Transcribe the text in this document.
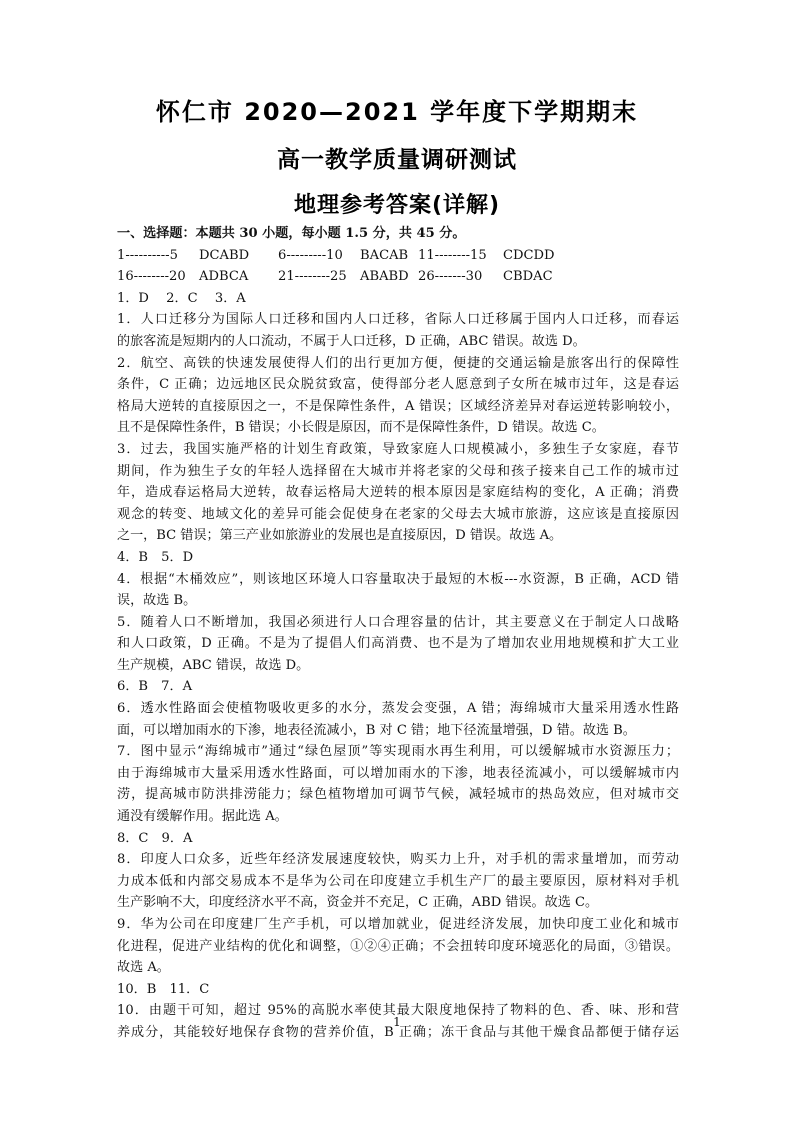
怀仁市 2020—2021 学年度下学期期末
高一教学质量调研测试
地理参考答案(详解)
一、选择题：本题共 30 小题，每小题 1.5 分，共 45 分。
1----------5	DCABD	6---------10	BACAB 11--------15	CDCDD
16--------20	ADBCA	21--------25	ABABD 26-------30	CBDAC
1．D　 2．C　 3．A
1．人口迁移分为国际人口迁移和国内人口迁移，省际人口迁移属于国内人口迁移，而春运
的旅客流是短期内的人口流动，不属于人口迁移，D 正确，ABC 错误。故选 D。
2．航空、高铁的快速发展使得人们的出行更加方便，便捷的交通运输是旅客出行的保障性
条件，C 正确；边远地区民众脱贫致富，使得部分老人愿意到子女所在城市过年，这是春运
格局大逆转的直接原因之一，不是保障性条件，A 错误；区域经济差异对春运逆转影响较小，
且不是保障性条件，B 错误；小长假是原因，而不是保障性条件，D 错误。故选 C。
3．过去，我国实施严格的计划生育政策，导致家庭人口规模减小，多独生子女家庭，春节
期间，作为独生子女的年轻人选择留在大城市并将老家的父母和孩子接来自己工作的城市过
年，造成春运格局大逆转，故春运格局大逆转的根本原因是家庭结构的变化，A 正确；消费
观念的转变、地域文化的差异可能会促使身在老家的父母去大城市旅游，这应该是直接原因
之一，BC 错误；第三产业如旅游业的发展也是直接原因，D 错误。故选 A。
4．B　5．D
4．根据“木桶效应”，则该地区环境人口容量取决于最短的木板---水资源，B 正确，ACD 错
误，故选 B。
5．随着人口不断增加，我国必须进行人口合理容量的估计，其主要意义在于制定人口战略
和人口政策，D 正确。不是为了提倡人们高消费、也不是为了增加农业用地规模和扩大工业
生产规模，ABC 错误，故选 D。
6．B　7．A
6．透水性路面会使植物吸收更多的水分，蒸发会变强，A 错；海绵城市大量采用透水性路
面，可以增加雨水的下渗，地表径流减小，B 对 C 错；地下径流量增强，D 错。故选 B。
7．图中显示“海绵城市”通过“绿色屋顶”等实现雨水再生利用，可以缓解城市水资源压力；
由于海绵城市大量采用透水性路面，可以增加雨水的下渗，地表径流减小，可以缓解城市内
涝，提高城市防洪排涝能力；绿色植物增加可调节气候，减轻城市的热岛效应，但对城市交
通没有缓解作用。据此选 A。
8．C　9．A
8．印度人口众多，近些年经济发展速度较快，购买力上升，对手机的需求量增加，而劳动
力成本低和内部交易成本不是华为公司在印度建立手机生产厂的最主要原因，原材料对手机
生产影响不大，印度经济水平不高，资金并不充足，C 正确，ABD 错误。故选 C。
9．华为公司在印度建厂生产手机，可以增加就业，促进经济发展，加快印度工业化和城市
化进程，促进产业结构的优化和调整，①②④正确；不会扭转印度环境恶化的局面，③错误。
故选 A。
10．B　11．C
10．由题干可知，超过 95%的高脱水率使其最大限度地保持了物料的色、香、味、形和营
养成分，其能较好地保存食物的营养价值，B 正确；冻干食品与其他干燥食品都便于储存运
1
